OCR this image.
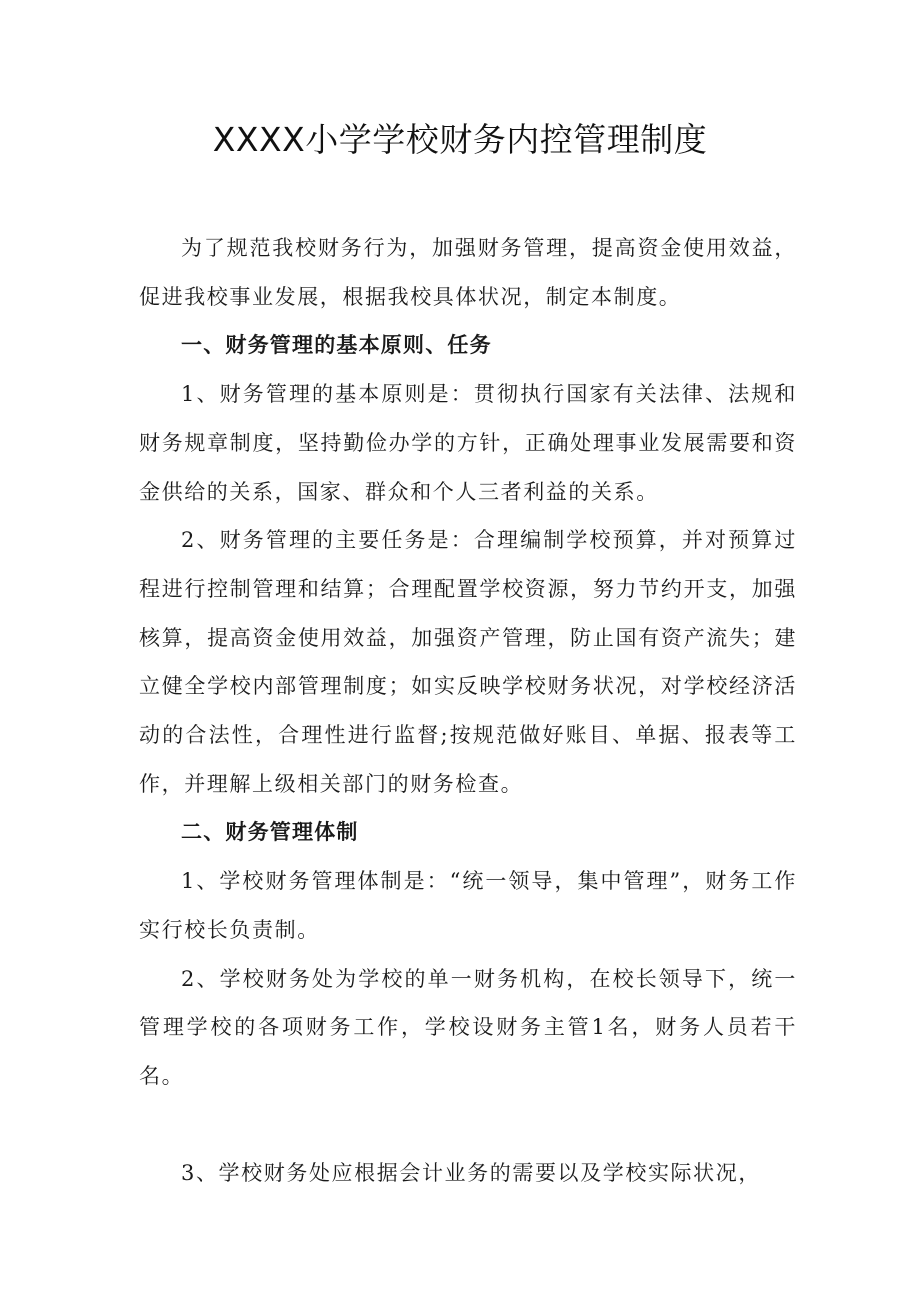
XXXX小学学校财务内控管理制度

为了规范我校财务行为，加强财务管理，提高资金使用效益，促进我校事业发展，根据我校具体状况，制定本制度。

一、财务管理的基本原则、任务

1、财务管理的基本原则是：贯彻执行国家有关法律、法规和财务规章制度，坚持勤俭办学的方针，正确处理事业发展需要和资金供给的关系，国家、群众和个人三者利益的关系。

2、财务管理的主要任务是：合理编制学校预算，并对预算过程进行控制管理和结算；合理配置学校资源，努力节约开支，加强核算，提高资金使用效益，加强资产管理，防止国有资产流失；建立健全学校内部管理制度；如实反映学校财务状况，对学校经济活动的合法性，合理性进行监督;按规范做好账目、单据、报表等工作，并理解上级相关部门的财务检查。

二、财务管理体制

1、学校财务管理体制是：“统一领导，集中管理”，财务工作实行校长负责制。

2、学校财务处为学校的单一财务机构，在校长领导下，统一管理学校的各项财务工作，学校设财务主管1名，财务人员若干名。

3、学校财务处应根据会计业务的需要以及学校实际状况，
